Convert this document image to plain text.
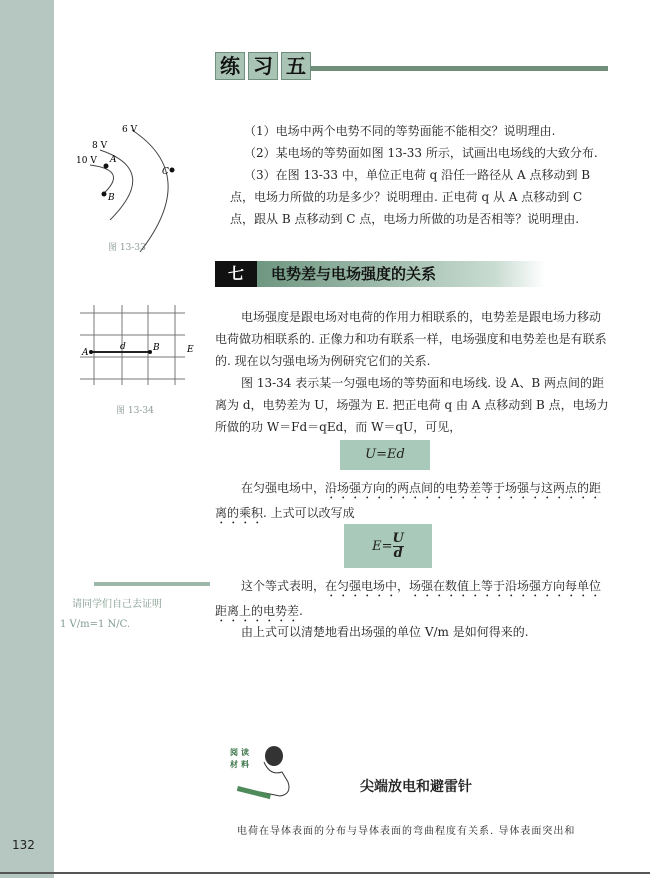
练 习 五
6 V
8 V
10 V A
B
C
图 13-33
（1）电场中两个电势不同的等势面能不能相交？说明理由.
（2）某电场的等势面如图 13-33 所示，试画出电场线的大致分布.
（3）在图 13-33 中，单位正电荷 q 沿任一路径从 A 点移动到 B 点，电场力所做的功是多少？说明理由. 正电荷 q 从 A 点移动到 C 点，跟从 B 点移动到 C 点，电场力所做的功是否相等？说明理由.
七	电势差与电场强度的关系
A	B
d	E
图 13-34
电场强度是跟电场对电荷的作用力相联系的，电势差是跟电场力移动电荷做功相联系的. 正像力和功有联系一样，电场强度和电势差也是有联系的. 现在以匀强电场为例研究它们的关系.
图 13-34 表示某一匀强电场的等势面和电场线. 设 A、B 两点间的距离为 d，电势差为 U，场强为 E. 把正电荷 q 由 A 点移动到 B 点，电场力所做的功 W＝Fd＝qEd，而 W＝qU，可见，
U=Ed
在匀强电场中，沿场强方向的两点间的电势差等于场强与这两点的距离的乘积. 上式可以改写成
$E= \frac{U}{d}$
请同学们自己去证明
1 V/m=1 N/C.
这个等式表明，在匀强电场中，场强在数值上等于沿场强方向每单位距离上的电势差.
由上式可以清楚地看出场强的单位 V/m 是如何得来的.
阅 读
材 料
尖端放电和避雷针
电荷在导体表面的分布与导体表面的弯曲程度有关系. 导体表面突出和
132
